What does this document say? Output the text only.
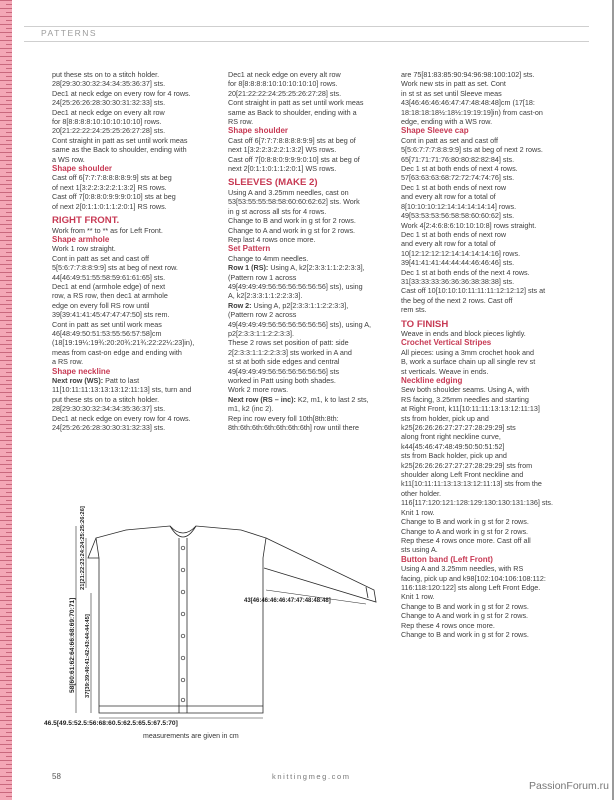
PATTERNS

put these sts on to a stitch holder.

28[29:30:30:32:34:34:35:36:37] sts.

Dec1 at neck edge on every row for 4 rows.

24[25:26:26:28:30:30:31:32:33] sts.

Dec1 at neck edge on every alt row

for 8[8:8:8:8:10:10:10:10:10] rows.

20[21:22:22:24:25:25:26:27:28] sts.

Cont straight in patt as set until work meas

same as the Back to shoulder, ending with

a WS row.

Shape shoulder

Cast off 6[7:7:7:8:8:8:8:9:9] sts at beg

of next 1[3:2:2:3:2:2:1:3:2] RS rows.

Cast off 7[0:8:8:0:9:9:9:0:10] sts at beg

of next 2[0:1:1:0:1:1:2:0:1] RS rows.

RIGHT FRONT.

Work from ** to ** as for Left Front.

Shape armhole

Work 1 row straight.

Cont in patt as set and cast off

5[5:6:7:7:8:8:9:9] sts at beg of next row.

44[46:49:51:55:58:59:61:61:65] sts.

Dec1 at end (armhole edge) of next

row, a RS row, then dec1 at armhole

edge on every foll RS row until

39[39:41:41:45:47:47:47:50] sts rem.

Cont in patt as set until work meas

46[48:49:50:51:53:55:56:57:58]cm

(18[19:19¼:19¾:20:20¾:21¾:22:22¼:23]in),

meas from cast-on edge and ending with

a RS row.

Shape neckline

Next row (WS): Patt to last

11[10:11:11:13:13:13:12:11:13] sts, turn and

put these sts on to a stitch holder.

28[29:30:30:32:34:34:35:36:37] sts.

Dec1 at neck edge on every row for 4 rows.

24[25:26:26:28:30:30:31:32:33] sts.

Dec1 at neck edge on every alt row

for 8[8:8:8:8:10:10:10:10:10] rows.

20[21:22:22:24:25:25:26:27:28] sts.

Cont straight in patt as set until work meas

same as Back to shoulder, ending with a

RS row.

Shape shoulder

Cast off 6[7:7:7:8:8:8:8:9:9] sts at beg of

next 1[3:2:2:3:2:2:1:3:2] WS rows.

Cast off 7[0:8:8:0:9:9:9:0:10] sts at beg of

next 2[0:1:1:0:1:1:2:0:1] WS rows.

SLEEVES (MAKE 2)

Using A and 3.25mm needles, cast on

53[53:55:55:58:58:60:60:62:62] sts. Work

in g st across all sts for 4 rows.

Change to B and work in g st for 2 rows.

Change to A and work in g st for 2 rows.

Rep last 4 rows once more.

Set Pattern

Change to 4mm needles.

Row 1 (RS): Using A, k2[2:3:3:1:1:2:2:3:3],

(Pattern row 1 across

49[49:49:49:56:56:56:56:56:56] sts), using

A, k2[2:3:3:1:1:2:2:3:3].

Row 2: Using A, p2[2:3:3:1:1:2:2:3:3],

(Pattern row 2 across

49[49:49:49:56:56:56:56:56:56] sts), using A,

p2[2:3:3:1:1:2:2:3:3].

These 2 rows set position of patt: side

2[2:3:3:1:1:2:2:3:3] sts worked in A and

st st at both side edges and central

49[49:49:49:56:56:56:56:56:56] sts

worked in Patt using both shades.

Work 2 more rows.

Next row (RS – inc): K2, m1, k to last 2 sts,

m1, k2 (inc 2).

Rep inc row every foll 10th[8th:8th:

8th:6th:6th:6th:6th:6th:6th] row until there

are 75[81:83:85:90:94:96:98:100:102] sts.

Work new sts in patt as set. Cont

in st st as set until Sleeve meas

43[46:46:46:46:47:47:48:48:48]cm (17[18:

18:18:18:18½:18½:19:19:19]in) from cast-on

edge, ending with a WS row.

Shape Sleeve cap

Cont in patt as set and cast off

5[5:6:7:7:7:8:8:9:9] sts at beg of next 2 rows.

65[71:71:71:76:80:80:82:82:84] sts.

Dec 1 st at both ends of next 4 rows.

57[63:63:63:68:72:72:74:74:76] sts.

Dec 1 st at both ends of next row

and every alt row for a total of

8[10:10:10:12:14:14:14:14:14] rows.

49[53:53:53:56:58:58:60:60:62] sts.

Work 4[2:4:6:8:6:10:10:10:8] rows straight.

Dec 1 st at both ends of next row

and every alt row for a total of

10[12:12:12:12:14:14:14:14:16] rows.

39[41:41:41:44:44:44:46:46:46] sts.

Dec 1 st at both ends of the next 4 rows.

31[33:33:33:36:36:36:38:38:38] sts.

Cast off 10[10:10:10:11:11:11:12:12:12] sts at

the beg of the next 2 rows. Cast off

rem sts.

TO FINISH

Weave in ends and block pieces lightly.

Crochet Vertical Stripes

All pieces: using a 3mm crochet hook and

B, work a surface chain up all single rev st

st verticals. Weave in ends.

Neckline edging

Sew both shoulder seams. Using A, with

RS facing, 3.25mm needles and starting

at Right Front, k11[10:11:11:13:13:12:11:13]

sts from holder, pick up and

k25[26:26:26:27:27:27:28:29:29] sts

along front right neckline curve,

k44[45:46:47:48:49:50:50:51:52]

sts from Back holder, pick up and

k25[26:26:26:27:27:27:28:29:29] sts from

shoulder along Left Front neckline and

k11[10:11:11:13:13:13:12:11:13] sts from the

other holder.

116[117:120:121:128:129:130:130:131:136] sts.

Knit 1 row.

Change to B and work in g st for 2 rows.

Change to A and work in g st for 2 rows.

Rep these 4 rows once more. Cast off all

sts using A.

Button band (Left Front)

Using A and 3.25mm needles, with RS

facing, pick up and k98[102:104:106:108:112:

116:118:120:122] sts along Left Front Edge.

Knit 1 row.

Change to B and work in g st for 2 rows.

Change to A and work in g st for 2 rows.

Rep these 4 rows once more.

Change to B and work in g st for 2 rows.

58[60:61:62:64:66:68:69:70:71]
21[21:22:23:24:24:25:25:26:26]
37[39:39:40:41:42:43:44:44:45]
43[46:46:46:46:47:47:48:48:48]
46.5[49.5:52.5:56:68:60.5:62.5:65.5:67.5:70]
measurements are given in cm
58	knittingmeg.com
PassionForum.ru
